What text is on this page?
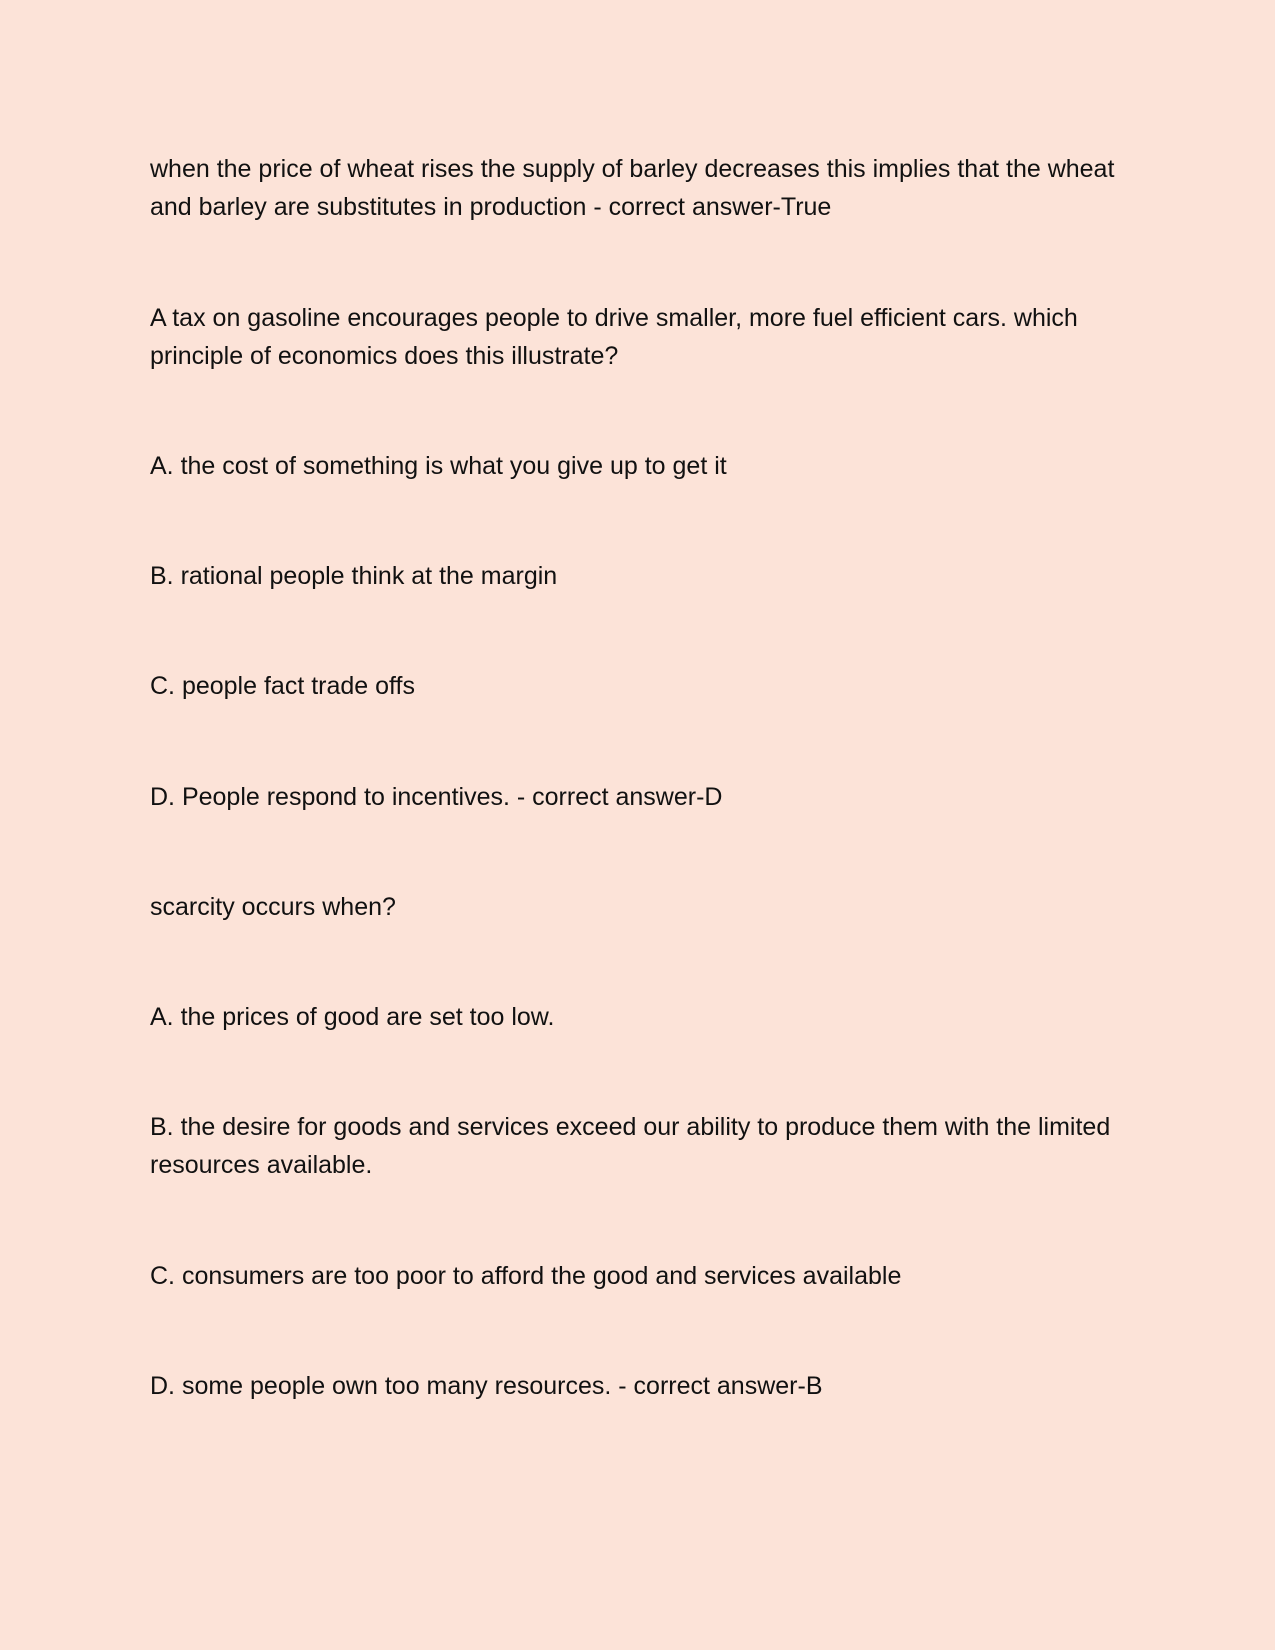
when the price of wheat rises the supply of barley decreases this implies that the wheat and barley are substitutes in production - correct answer-True

A tax on gasoline encourages people to drive smaller, more fuel efficient cars. which principle of economics does this illustrate?

A. the cost of something is what you give up to get it

B. rational people think at the margin

C. people fact trade offs

D. People respond to incentives. - correct answer-D

scarcity occurs when?

A. the prices of good are set too low.

B. the desire for goods and services exceed our ability to produce them with the limited resources available.

C. consumers are too poor to afford the good and services available

D. some people own too many resources. - correct answer-B
